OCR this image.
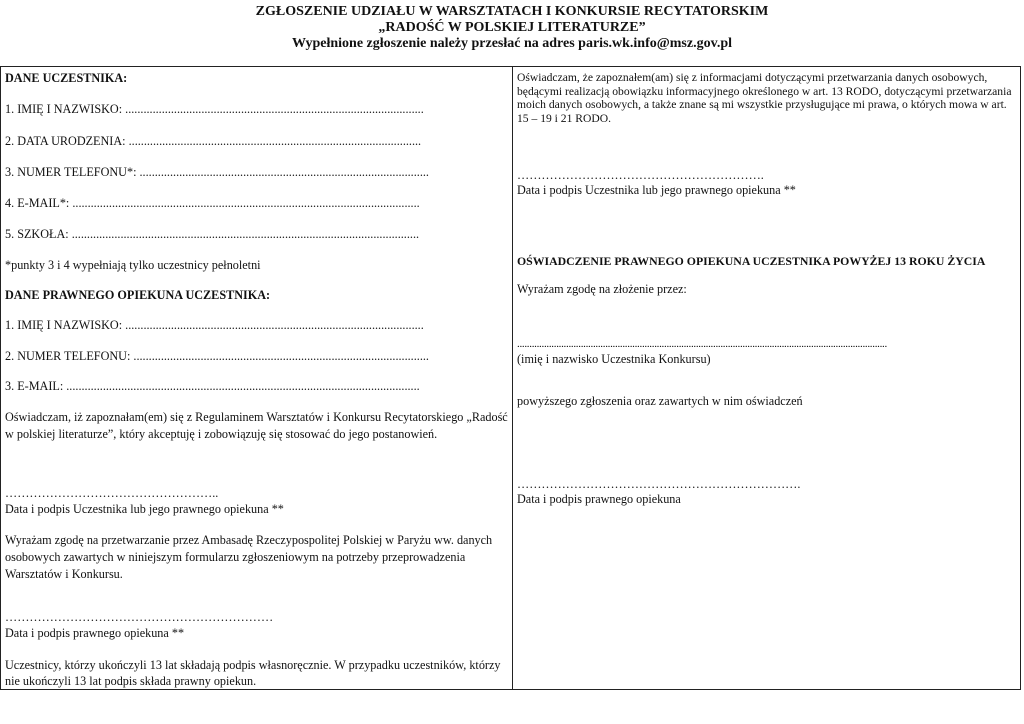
ZGŁOSZENIE UDZIAŁU W WARSZTATACH I KONKURSIE RECYTATORSKIM
„RADOŚĆ W POLSKIEJ LITERATURZE”
Wypełnione zgłoszenie należy przesłać na adres paris.wk.info@msz.gov.pl
DANE UCZESTNIKA:
1. IMIĘ I NAZWISKO: ..................................................................................................
2. DATA URODZENIA: ................................................................................................
3. NUMER TELEFONU*: ...............................................................................................
4. E-MAIL*: ..................................................................................................................
5. SZKOŁA: ..................................................................................................................
*punkty 3 i 4 wypełniają tylko uczestnicy pełnoletni
DANE PRAWNEGO OPIEKUNA UCZESTNIKA:
1. IMIĘ I NAZWISKO: ..................................................................................................
2. NUMER TELEFONU: .................................................................................................
3. E-MAIL: ....................................................................................................................
Oświadczam, iż zapoznałam(em) się z Regulaminem Warsztatów i Konkursu Recytatorskiego „Radość w polskiej literaturze”, który akceptuję i zobowiązuję się stosować do jego postanowień.
……………………………………………..
Data i podpis Uczestnika lub jego prawnego opiekuna **
Wyrażam zgodę na przetwarzanie przez Ambasadę Rzeczypospolitej Polskiej w Paryżu ww. danych osobowych zawartych w niniejszym formularzu zgłoszeniowym na potrzeby przeprowadzenia Warsztatów i Konkursu.
…………………………………………………………
Data i podpis prawnego opiekuna **
Uczestnicy, którzy ukończyli 13 lat składają podpis własnoręcznie. W przypadku uczestników, którzy nie ukończyli 13 lat podpis składa prawny opiekun.
Oświadczam, że zapoznałem(am) się z informacjami dotyczącymi przetwarzania danych osobowych, będącymi realizacją obowiązku informacyjnego określonego w art. 13 RODO, dotyczącymi przetwarzania moich danych osobowych, a także znane są mi wszystkie przysługujące mi prawa, o których mowa w art. 15 – 19 i 21 RODO.
…………………………………………………….
Data i podpis Uczestnika lub jego prawnego opiekuna **
OŚWIADCZENIE PRAWNEGO OPIEKUNA UCZESTNIKA POWYŻEJ 13 ROKU ŻYCIA
Wyrażam zgodę na złożenie przez:
.......................................................................................................................................................
(imię i nazwisko Uczestnika Konkursu)
powyższego zgłoszenia oraz zawartych w nim oświadczeń
…………………………………………………………….
Data i podpis prawnego opiekuna
